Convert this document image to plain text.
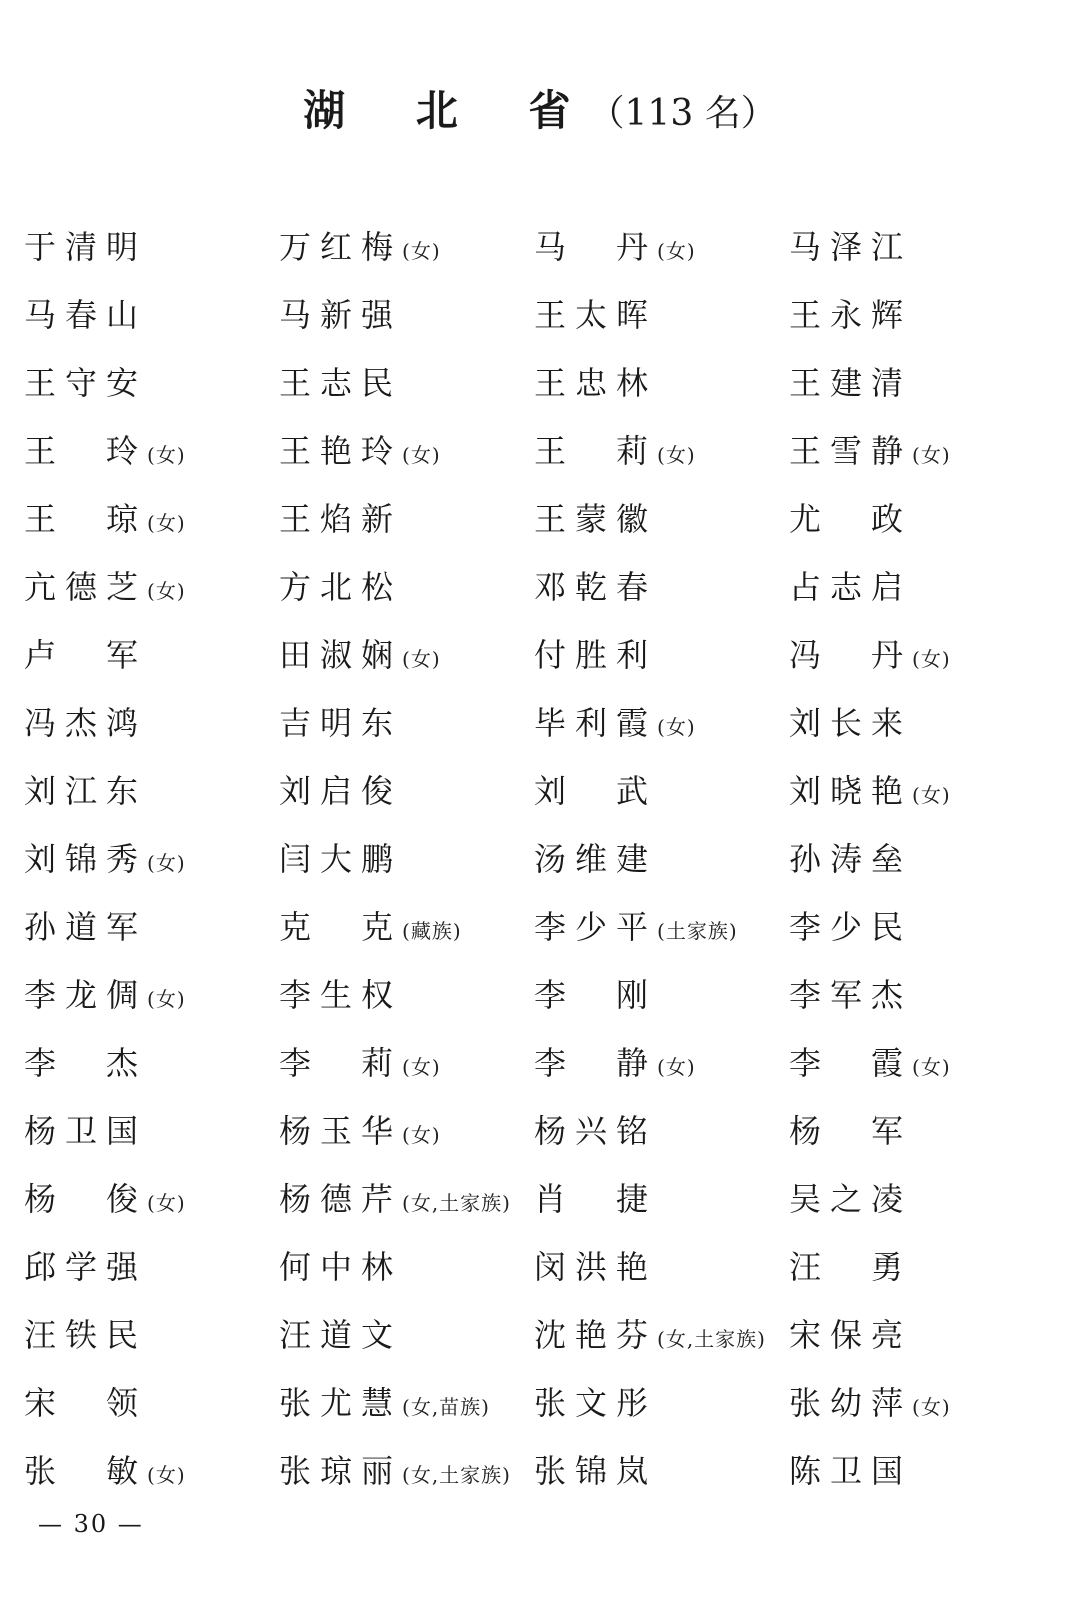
湖 北 省（113 名）
于清明	万红梅(女)	马　丹(女)	马泽江
马春山	马新强	王太晖	王永辉
王守安	王志民	王忠林	王建清
王　玲(女)	王艳玲(女)	王　莉(女)	王雪静(女)
王　琼(女)	王焰新	王蒙徽	尤　政
亢德芝(女)	方北松	邓乾春	占志启
卢　军	田淑娴(女)	付胜利	冯　丹(女)
冯杰鸿	吉明东	毕利霞(女)	刘长来
刘江东	刘启俊	刘　武	刘晓艳(女)
刘锦秀(女)	闫大鹏	汤维建	孙涛垒
孙道军	克　克(藏族)	李少平(土家族)	李少民
李龙倜(女)	李生权	李　刚	李军杰
李　杰	李　莉(女)	李　静(女)	李　霞(女)
杨卫国	杨玉华(女)	杨兴铭	杨　军
杨　俊(女)	杨德芹(女,土家族) 肖　捷	吴之凌
邱学强	何中林	闵洪艳	汪　勇
汪铁民	汪道文	沈艳芬(女,土家族) 宋保亮
宋　领	张尤慧(女,苗族)	张文彤	张幼萍(女)
张　敏(女)	张琼丽(女,土家族) 张锦岚	陈卫国
— 30 —
